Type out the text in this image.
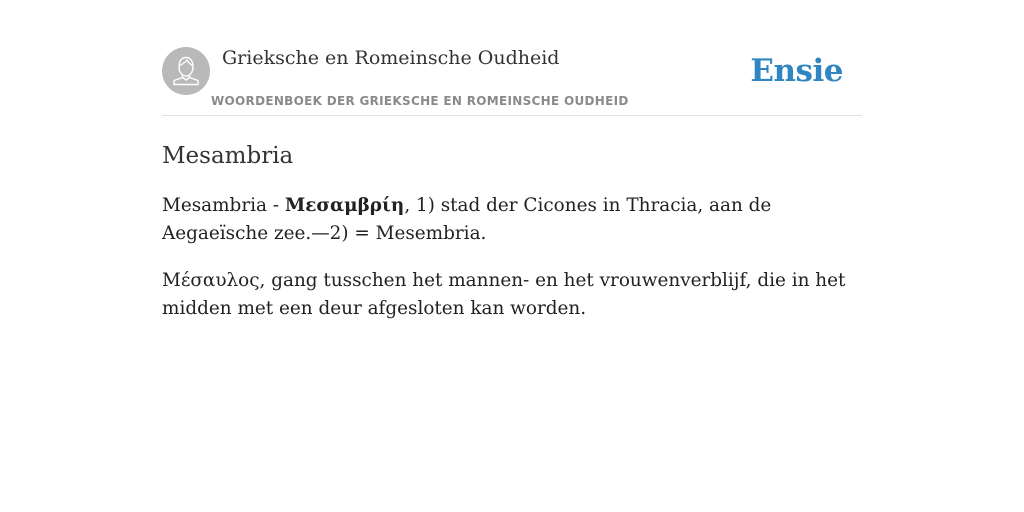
Grieksche en Romeinsche Oudheid
WOORDENBOEK DER GRIEKSCHE EN ROMEINSCHE OUDHEID
Ensie
Mesambria

Mesambria - Μεσαμβρίη, 1) stad der Cicones in Thracia, aan de Aegaeïsche zee.—2) = Mesembria.

Μέσαυλος, gang tusschen het mannen- en het vrouwenverblijf, die in het midden met een deur afgesloten kan worden.
